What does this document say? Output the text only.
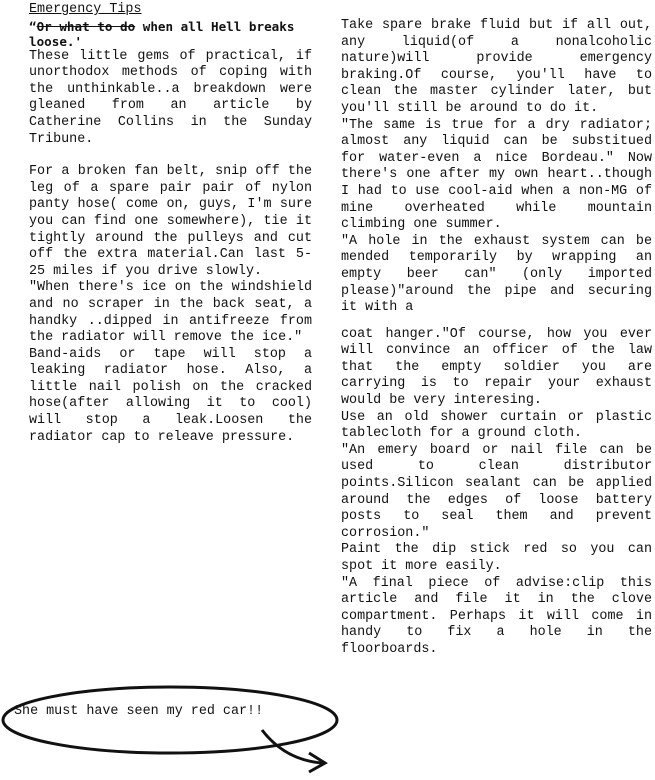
Emergency Tips
“Or what to do when all Hell breaks loose.'

These little gems of practical, if unorthodox methods of coping with the unthinkable..a breakdown were gleaned from an article by Catherine Collins in the Sunday Tribune.

For a broken fan belt, snip off the leg of a spare pair pair of nylon panty hose( come on, guys, I'm sure you can find one somewhere), tie it tightly around the pulleys and cut off the extra material.Can last 5-25 miles if you drive slowly.

"When there's ice on the windshield and no scraper in the back seat, a handky ..dipped in antifreeze from the radiator will remove the ice."

Band-aids or tape will stop a leaking radiator hose. Also, a little nail polish on the cracked hose(after allowing it to cool) will stop a leak.Loosen the radiator cap to releave pressure.

Take spare brake fluid but if all out, any liquid(of a nonalcoholic nature)will provide emergency braking.Of course, you'll have to clean the master cylinder later, but you'll still be around to do it.

"The same is true for a dry radiator; almost any liquid can be substitued for water-even a nice Bordeau." Now there's one after my own heart..though I had to use cool-aid when a non-MG of mine overheated while mountain climbing one summer.

"A hole in the exhaust system can be mended temporarily by wrapping an empty beer can" (only imported please)"around the pipe and securing it with a

coat hanger."Of course, how you ever will convince an officer of the law that the empty soldier you are carrying is to repair your exhaust would be very interesing.

Use an old shower curtain or plastic tablecloth for a ground cloth.

"An emery board or nail file can be used to clean distributor points.Silicon sealant can be applied around the edges of loose battery posts to seal them and prevent corrosion."

Paint the dip stick red so you can spot it more easily.

"A final piece of advise:clip this article and file it in the clove compartment. Perhaps it will come in handy to fix a hole in the floorboards.

She must have seen my red car!!
